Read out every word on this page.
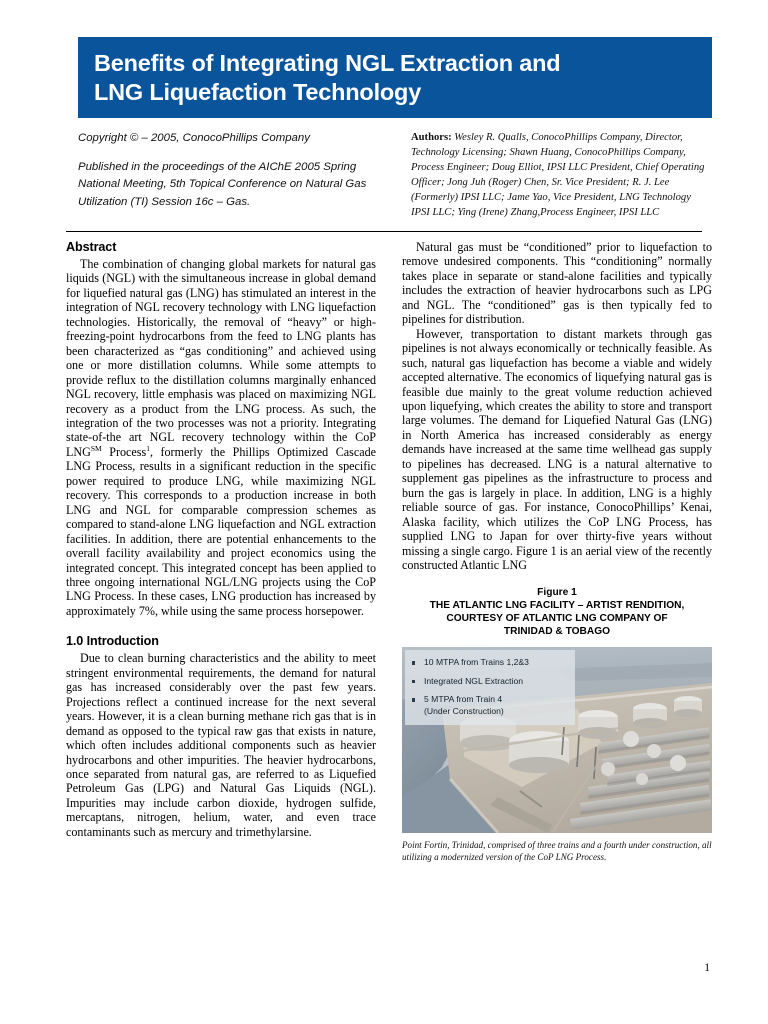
Benefits of Integrating NGL Extraction and
LNG Liquefaction Technology
Copyright © – 2005, ConocoPhillips Company
Published in the proceedings of the AIChE 2005 Spring National Meeting, 5th Topical Conference on Natural Gas Utilization (TI) Session 16c – Gas.
Authors: Wesley R. Qualls, ConocoPhillips Company, Director, Technology Licensing; Shawn Huang, ConocoPhillips Company, Process Engineer; Doug Elliot, IPSI LLC President, Chief Operating Officer; Jong Juh (Roger) Chen, Sr. Vice President; R. J. Lee (Formerly) IPSI LLC; Jame Yao, Vice President, LNG Technology IPSI LLC; Ying (Irene) Zhang,Process Engineer, IPSI LLC
Abstract

The combination of changing global markets for natural gas liquids (NGL) with the simultaneous increase in global demand for liquefied natural gas (LNG) has stimulated an interest in the integration of NGL recovery technology with LNG liquefaction technologies. Historically, the removal of “heavy” or high-freezing-point hydrocarbons from the feed to LNG plants has been characterized as “gas conditioning” and achieved using one or more distillation columns. While some attempts to provide reflux to the distillation columns marginally enhanced NGL recovery, little emphasis was placed on maximizing NGL recovery as a product from the LNG process. As such, the integration of the two processes was not a priority. Integrating state-of-the art NGL recovery technology within the CoP LNG℠ Process$^1$, formerly the Phillips Optimized Cascade LNG Process, results in a significant reduction in the specific power required to produce LNG, while maximizing NGL recovery. This corresponds to a production increase in both LNG and NGL for comparable compression schemes as compared to stand-alone LNG liquefaction and NGL extraction facilities. In addition, there are potential enhancements to the overall facility availability and project economics using the integrated concept. This integrated concept has been applied to three ongoing international NGL/LNG projects using the CoP LNG Process. In these cases, LNG production has increased by approximately 7%, while using the same process horsepower.

1.0 Introduction

Due to clean burning characteristics and the ability to meet stringent environmental requirements, the demand for natural gas has increased considerably over the past few years. Projections reflect a continued increase for the next several years. However, it is a clean burning methane rich gas that is in demand as opposed to the typical raw gas that exists in nature, which often includes additional components such as heavier hydrocarbons and other impurities. The heavier hydrocarbons, once separated from natural gas, are referred to as Liquefied Petroleum Gas (LPG) and Natural Gas Liquids (NGL). Impurities may include carbon dioxide, hydrogen sulfide, mercaptans, nitrogen, helium, water, and even trace contaminants such as mercury and trimethylarsine.

Natural gas must be “conditioned” prior to liquefaction to remove undesired components. This “conditioning” normally takes place in separate or stand-alone facilities and typically includes the extraction of heavier hydrocarbons such as LPG and NGL. The “conditioned” gas is then typically fed to pipelines for distribution.

However, transportation to distant markets through gas pipelines is not always economically or technically feasible. As such, natural gas liquefaction has become a viable and widely accepted alternative. The economics of liquefying natural gas is feasible due mainly to the great volume reduction achieved upon liquefying, which creates the ability to store and transport large volumes. The demand for Liquefied Natural Gas (LNG) in North America has increased considerably as energy demands have increased at the same time wellhead gas supply to pipelines has decreased. LNG is a natural alternative to supplement gas pipelines as the infrastructure to process and burn the gas is largely in place. In addition, LNG is a highly reliable source of gas. For instance, ConocoPhillips’ Kenai, Alaska facility, which utilizes the CoP LNG Process, has supplied LNG to Japan for over thirty-five years without missing a single cargo. Figure 1 is an aerial view of the recently constructed Atlantic LNG

Figure 1
THE ATLANTIC LNG FACILITY – ARTIST RENDITION,
COURTESY OF ATLANTIC LNG COMPANY OF
TRINIDAD & TOBAGO
10 MTPA from Trains 1,2&3
Integrated NGL Extraction
5 MTPA from Train 4
(Under Construction)
Point Fortin, Trinidad, comprised of three trains and a fourth under construction, all utilizing a modernized version of the CoP LNG Process.
1
